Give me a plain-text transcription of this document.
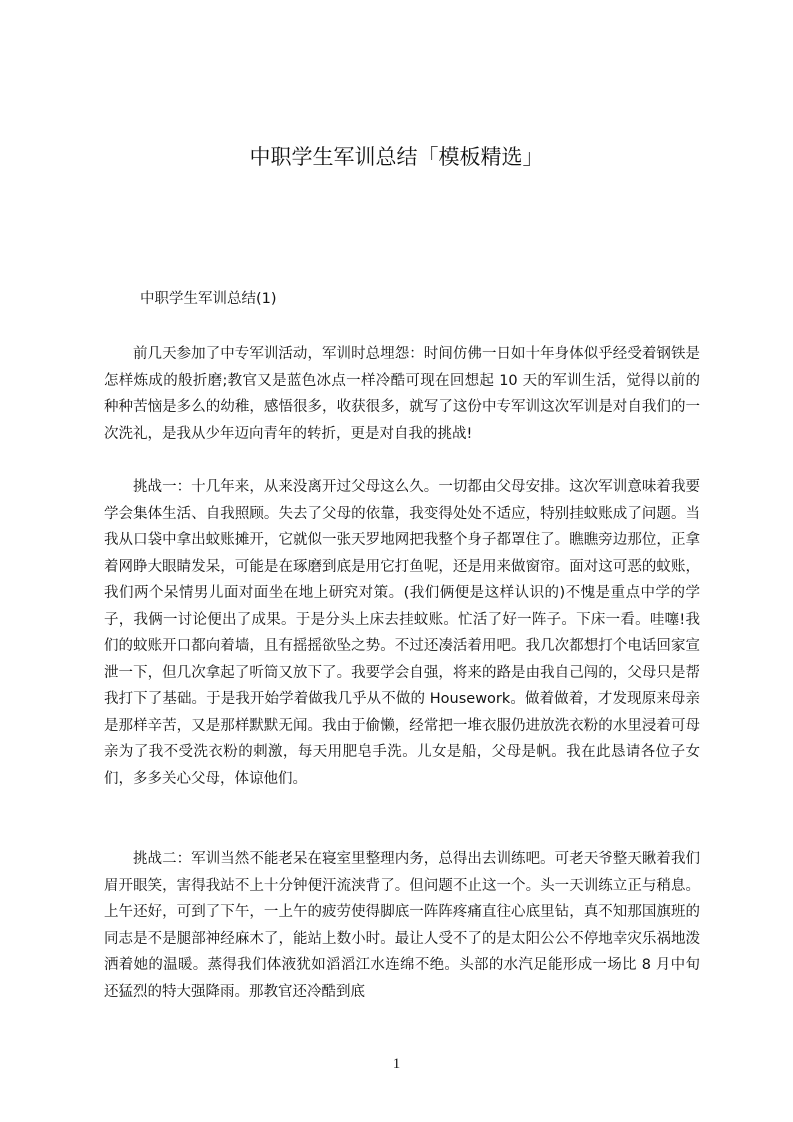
中职学生军训总结「模板精选」
中职学生军训总结(1)

前几天参加了中专军训活动，军训时总埋怨：时间仿佛一日如十年身体似乎经受着钢铁是怎样炼成的般折磨;教官又是蓝色冰点一样冷酷可现在回想起 10 天的军训生活，觉得以前的种种苦恼是多么的幼稚，感悟很多，收获很多，就写了这份中专军训这次军训是对自我们的一次洗礼，是我从少年迈向青年的转折，更是对自我的挑战!

挑战一：十几年来，从来没离开过父母这么久。一切都由父母安排。这次军训意味着我要学会集体生活、自我照顾。失去了父母的依靠，我变得处处不适应，特别挂蚊账成了问题。当我从口袋中拿出蚊账摊开，它就似一张天罗地网把我整个身子都罩住了。瞧瞧旁边那位，正拿着网睁大眼睛发呆，可能是在琢磨到底是用它打鱼呢，还是用来做窗帘。面对这可恶的蚊账，我们两个呆情男儿面对面坐在地上研究对策。(我们俩便是这样认识的)不愧是重点中学的学子，我俩一讨论便出了成果。于是分头上床去挂蚊账。忙活了好一阵子。下床一看。哇噻!我们的蚊账开口都向着墙，且有摇摇欲坠之势。不过还凑活着用吧。我几次都想打个电话回家宣泄一下，但几次拿起了听筒又放下了。我要学会自强，将来的路是由我自己闯的，父母只是帮我打下了基础。于是我开始学着做我几乎从不做的 Housework。做着做着，才发现原来母亲是那样辛苦，又是那样默默无闻。我由于偷懒，经常把一堆衣服仍进放洗衣粉的水里浸着可母亲为了我不受洗衣粉的刺激，每天用肥皂手洗。儿女是船，父母是帆。我在此恳请各位子女们，多多关心父母，体谅他们。

挑战二：军训当然不能老呆在寝室里整理内务，总得出去训练吧。可老天爷整天瞅着我们眉开眼笑，害得我站不上十分钟便汗流浃背了。但问题不止这一个。头一天训练立正与稍息。上午还好，可到了下午，一上午的疲劳使得脚底一阵阵疼痛直往心底里钻，真不知那国旗班的同志是不是腿部神经麻木了，能站上数小时。最让人受不了的是太阳公公不停地幸灾乐祸地泼洒着她的温暖。蒸得我们体液犹如滔滔江水连绵不绝。头部的水汽足能形成一场比 8 月中旬还猛烈的特大强降雨。那教官还冷酷到底

1
